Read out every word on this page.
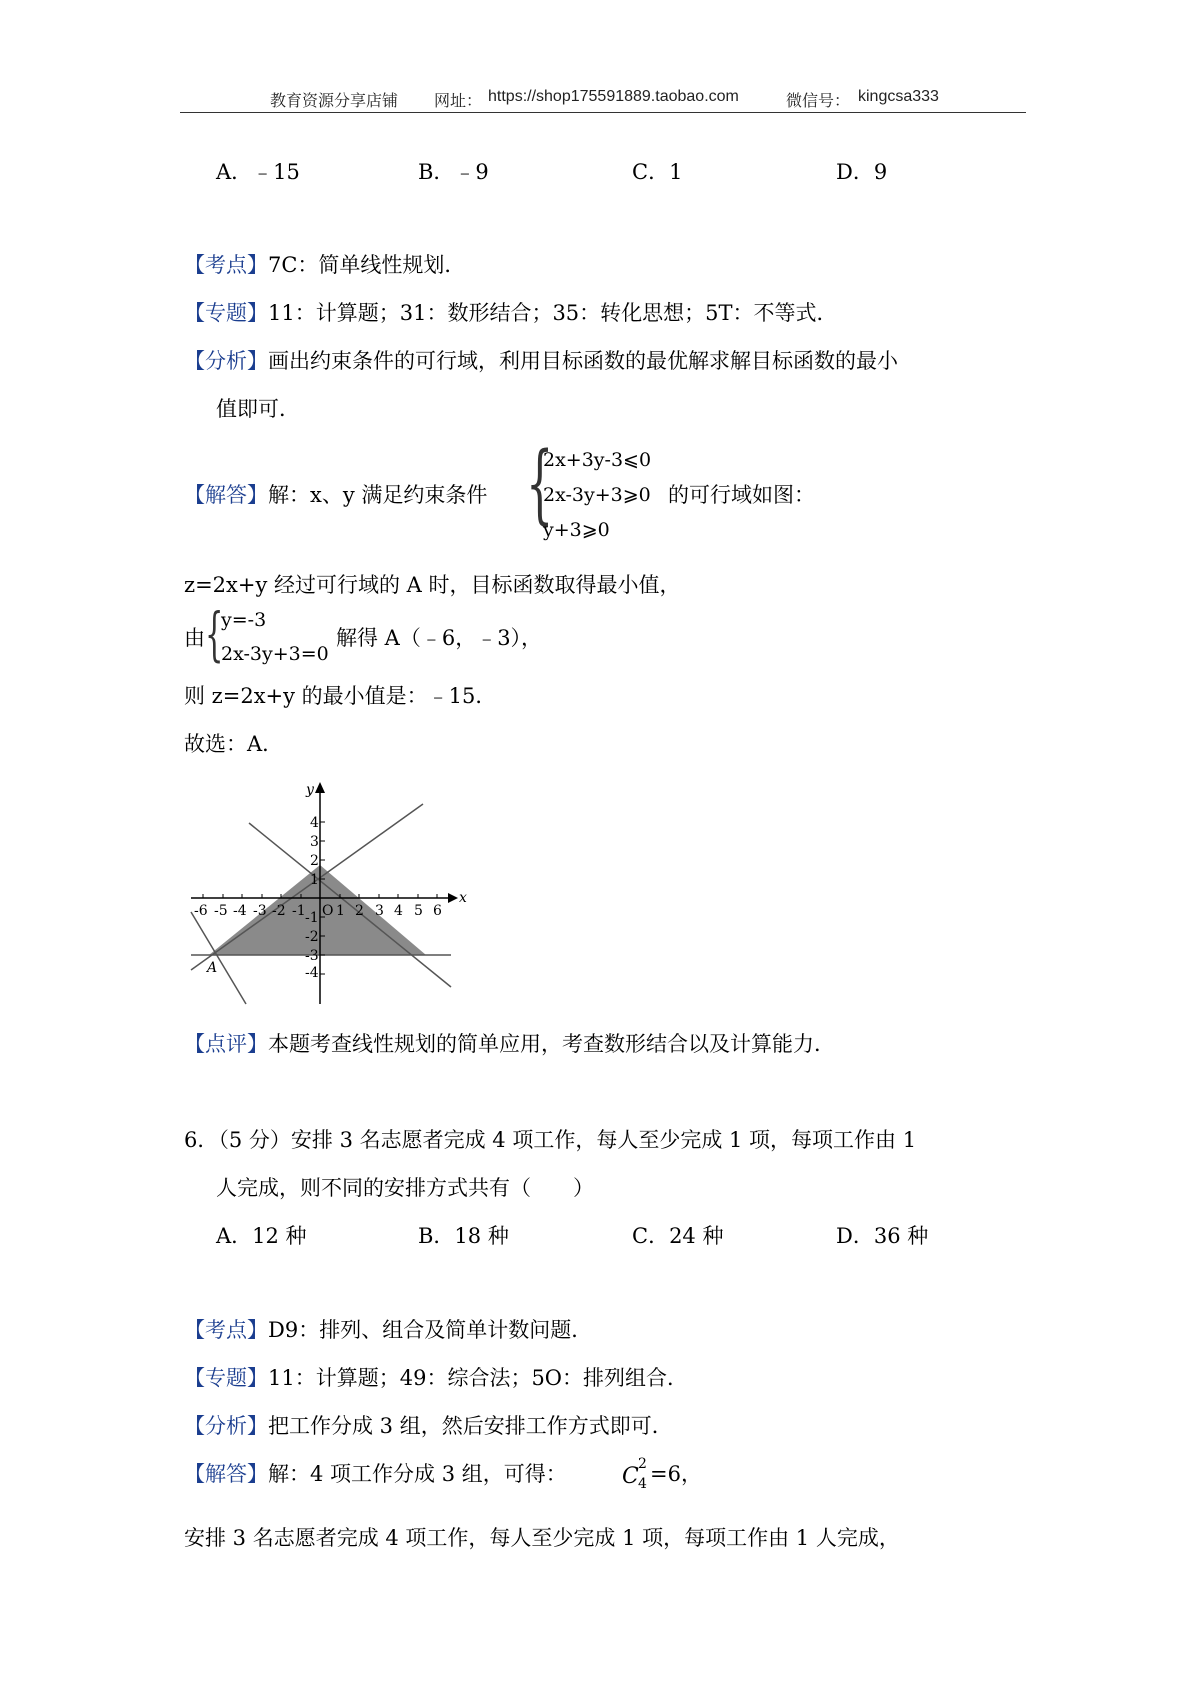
教育资源分享店铺 网址： https://shop175591889.taobao.com	微信号： kingcsa333
A．﹣15	B．﹣9	C．1	D．9
【考点】7C：简单线性规划．
【专题】11：计算题；31：数形结合；35：转化思想；5T：不等式．
【分析】画出约束条件的可行域，利用目标函数的最优解求解目标函数的最小
值即可．
【解答】解：x、y 满足约束条件 {
2x+3y-3⩽0
2x-3y+3⩾0
y+3⩾0
的可行域如图：
z=2x+y 经过可行域的 A 时，目标函数取得最小值，
由 {
y=-3
2x-3y+3=0
解得 A（﹣6，﹣3），
则 z=2x+y 的最小值是：﹣15．
故选：A．
x
y
-6 -5 -4 -3 -2 -1 O 1 2 3 4 5 6
4
3
2
1
-1
-2
-3
-4
A
【点评】本题考查线性规划的简单应用，考查数形结合以及计算能力．
6．（5 分）安排 3 名志愿者完成 4 项工作，每人至少完成 1 项，每项工作由 1
人完成，则不同的安排方式共有（　　）
A．12 种	B．18 种	C．24 种	D．36 种
【考点】D9：排列、组合及简单计数问题．
【专题】11：计算题；49：综合法；5O：排列组合．
【分析】把工作分成 3 组，然后安排工作方式即可．
【解答】解：4 项工作分成 3 组，可得：	C 2
4 =6，
安排 3 名志愿者完成 4 项工作，每人至少完成 1 项，每项工作由 1 人完成，
